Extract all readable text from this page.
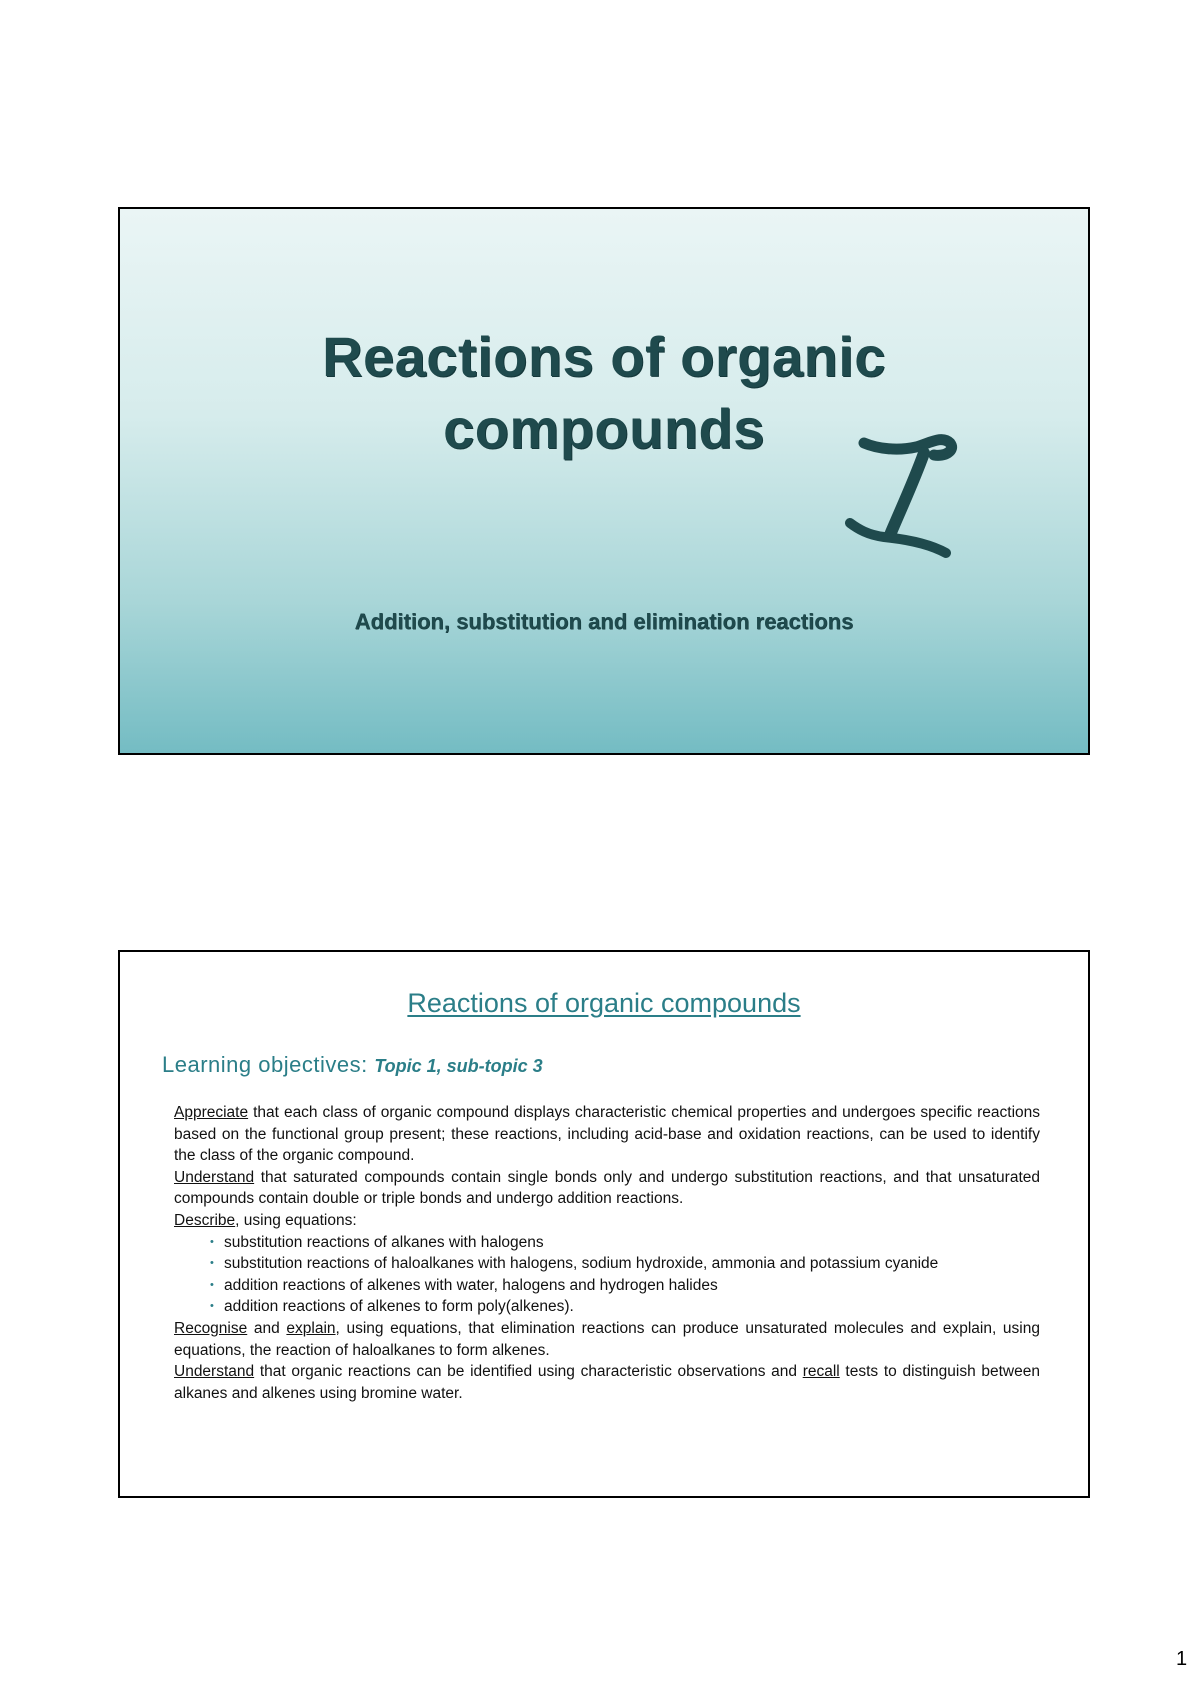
Reactions of organic
compounds
Addition, substitution and elimination reactions
Reactions of organic compounds
Learning objectives: Topic 1, sub-topic 3

Appreciate that each class of organic compound displays characteristic chemical properties and undergoes specific reactions based on the functional group present; these reactions, including acid-base and oxidation reactions, can be used to identify the class of the organic compound.

Understand that saturated compounds contain single bonds only and undergo substitution reactions, and that unsaturated compounds contain double or triple bonds and undergo addition reactions.

Describe, using equations:

• substitution reactions of alkanes with halogens
• substitution reactions of haloalkanes with halogens, sodium hydroxide, ammonia and potassium cyanide
• addition reactions of alkenes with water, halogens and hydrogen halides
• addition reactions of alkenes to form poly(alkenes).

Recognise and explain, using equations, that elimination reactions can produce unsaturated molecules and explain, using equations, the reaction of haloalkanes to form alkenes.

Understand that organic reactions can be identified using characteristic observations and recall tests to distinguish between alkanes and alkenes using bromine water.

1
